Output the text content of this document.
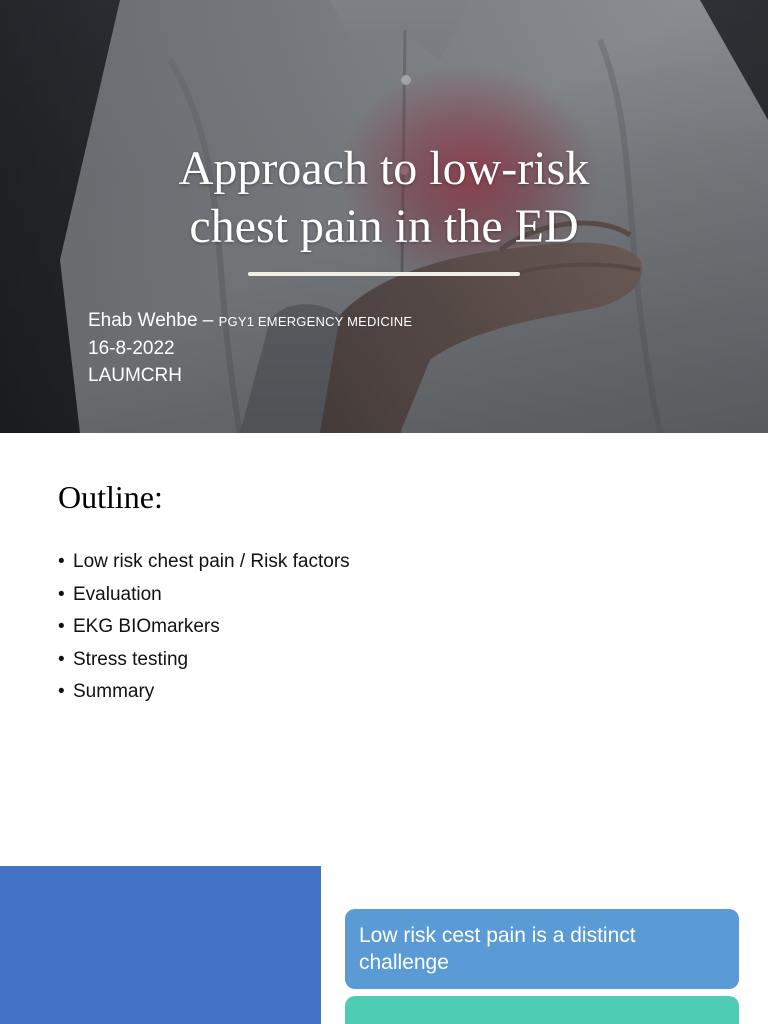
Approach to low-risk
chest pain in the ED
Ehab Wehbe – PGY1 EMERGENCY MEDICINE
16-8-2022
LAUMCRH
Outline:
• Low risk chest pain / Risk factors
• Evaluation
• EKG BIOmarkers
• Stress testing
• Summary
Low risk cest pain is a distinct challenge
